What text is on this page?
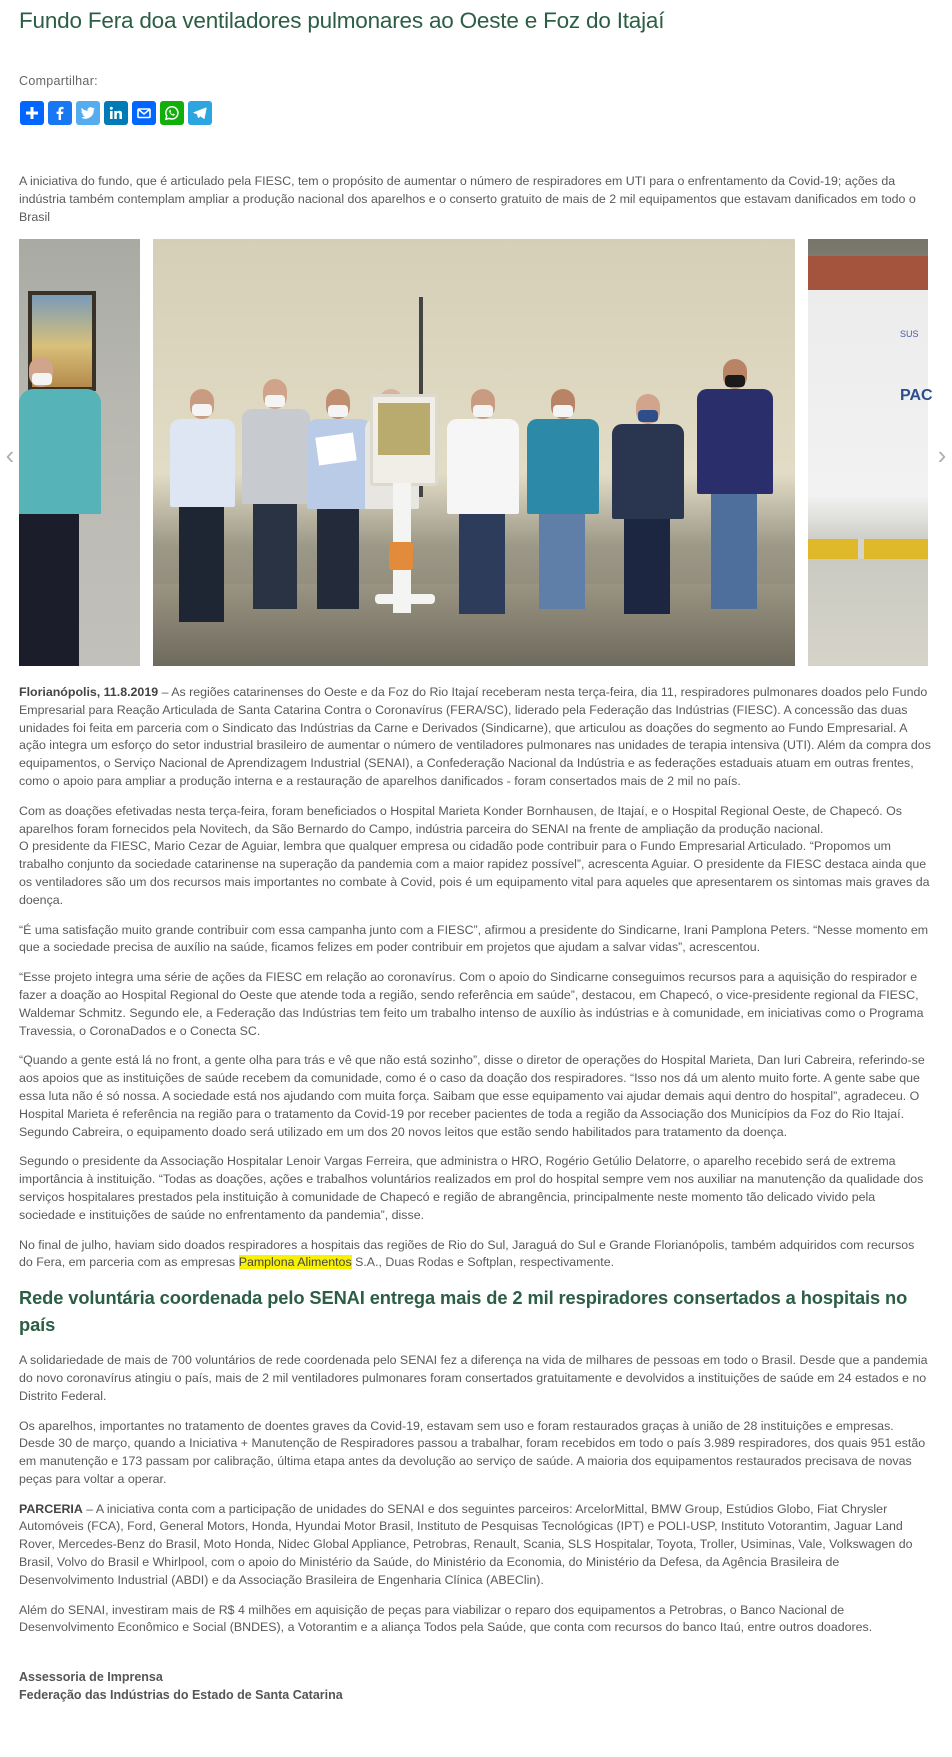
Fundo Fera doa ventiladores pulmonares ao Oeste e Foz do Itajaí
Compartilhar:

A iniciativa do fundo, que é articulado pela FIESC, tem o propósito de aumentar o número de respiradores em UTI para o enfrentamento da Covid-19; ações da indústria também contemplam ampliar a produção nacional dos aparelhos e o conserto gratuito de mais de 2 mil equipamentos que estavam danificados em todo o Brasil

SUS
PAC
‹	›

Florianópolis, 11.8.2019 – As regiões catarinenses do Oeste e da Foz do Rio Itajaí receberam nesta terça-feira, dia 11, respiradores pulmonares doados pelo Fundo Empresarial para Reação Articulada de Santa Catarina Contra o Coronavírus (FERA/SC), liderado pela Federação das Indústrias (FIESC). A concessão das duas unidades foi feita em parceria com o Sindicato das Indústrias da Carne e Derivados (Sindicarne), que articulou as doações do segmento ao Fundo Empresarial. A ação integra um esforço do setor industrial brasileiro de aumentar o número de ventiladores pulmonares nas unidades de terapia intensiva (UTI). Além da compra dos equipamentos, o Serviço Nacional de Aprendizagem Industrial (SENAI), a Confederação Nacional da Indústria e as federações estaduais atuam em outras frentes, como o apoio para ampliar a produção interna e a restauração de aparelhos danificados - foram consertados mais de 2 mil no país.

Com as doações efetivadas nesta terça-feira, foram beneficiados o Hospital Marieta Konder Bornhausen, de Itajaí, e o Hospital Regional Oeste, de Chapecó. Os aparelhos foram fornecidos pela Novitech, da São Bernardo do Campo, indústria parceira do SENAI na frente de ampliação da produção nacional.
O presidente da FIESC, Mario Cezar de Aguiar, lembra que qualquer empresa ou cidadão pode contribuir para o Fundo Empresarial Articulado. “Propomos um trabalho conjunto da sociedade catarinense na superação da pandemia com a maior rapidez possível”, acrescenta Aguiar. O presidente da FIESC destaca ainda que os ventiladores são um dos recursos mais importantes no combate à Covid, pois é um equipamento vital para aqueles que apresentarem os sintomas mais graves da doença.

“É uma satisfação muito grande contribuir com essa campanha junto com a FIESC”, afirmou a presidente do Sindicarne, Irani Pamplona Peters. “Nesse momento em que a sociedade precisa de auxílio na saúde, ficamos felizes em poder contribuir em projetos que ajudam a salvar vidas”, acrescentou.

“Esse projeto integra uma série de ações da FIESC em relação ao coronavírus. Com o apoio do Sindicarne conseguimos recursos para a aquisição do respirador e fazer a doação ao Hospital Regional do Oeste que atende toda a região, sendo referência em saúde”, destacou, em Chapecó, o vice-presidente regional da FIESC, Waldemar Schmitz. Segundo ele, a Federação das Indústrias tem feito um trabalho intenso de auxílio às indústrias e à comunidade, em iniciativas como o Programa Travessia, o CoronaDados e o Conecta SC.

“Quando a gente está lá no front, a gente olha para trás e vê que não está sozinho”, disse o diretor de operações do Hospital Marieta, Dan Iuri Cabreira, referindo-se aos apoios que as instituições de saúde recebem da comunidade, como é o caso da doação dos respiradores. “Isso nos dá um alento muito forte. A gente sabe que essa luta não é só nossa. A sociedade está nos ajudando com muita força. Saibam que esse equipamento vai ajudar demais aqui dentro do hospital”, agradeceu. O Hospital Marieta é referência na região para o tratamento da Covid-19 por receber pacientes de toda a região da Associação dos Municípios da Foz do Rio Itajaí. Segundo Cabreira, o equipamento doado será utilizado em um dos 20 novos leitos que estão sendo habilitados para tratamento da doença.

Segundo o presidente da Associação Hospitalar Lenoir Vargas Ferreira, que administra o HRO, Rogério Getúlio Delatorre, o aparelho recebido será de extrema importância à instituição. “Todas as doações, ações e trabalhos voluntários realizados em prol do hospital sempre vem nos auxiliar na manutenção da qualidade dos serviços hospitalares prestados pela instituição à comunidade de Chapecó e região de abrangência, principalmente neste momento tão delicado vivido pela sociedade e instituições de saúde no enfrentamento da pandemia”, disse.

No final de julho, haviam sido doados respiradores a hospitais das regiões de Rio do Sul, Jaraguá do Sul e Grande Florianópolis, também adquiridos com recursos do Fera, em parceria com as empresas Pamplona Alimentos S.A., Duas Rodas e Softplan, respectivamente.

Rede voluntária coordenada pelo SENAI entrega mais de 2 mil respiradores consertados a hospitais no país

A solidariedade de mais de 700 voluntários de rede coordenada pelo SENAI fez a diferença na vida de milhares de pessoas em todo o Brasil. Desde que a pandemia do novo coronavírus atingiu o país, mais de 2 mil ventiladores pulmonares foram consertados gratuitamente e devolvidos a instituições de saúde em 24 estados e no Distrito Federal.

Os aparelhos, importantes no tratamento de doentes graves da Covid-19, estavam sem uso e foram restaurados graças à união de 28 instituições e empresas. Desde 30 de março, quando a Iniciativa + Manutenção de Respiradores passou a trabalhar, foram recebidos em todo o país 3.989 respiradores, dos quais 951 estão em manutenção e 173 passam por calibração, última etapa antes da devolução ao serviço de saúde. A maioria dos equipamentos restaurados precisava de novas peças para voltar a operar.

PARCERIA – A iniciativa conta com a participação de unidades do SENAI e dos seguintes parceiros: ArcelorMittal, BMW Group, Estúdios Globo, Fiat Chrysler Automóveis (FCA), Ford, General Motors, Honda, Hyundai Motor Brasil, Instituto de Pesquisas Tecnológicas (IPT) e POLI-USP, Instituto Votorantim, Jaguar Land Rover, Mercedes-Benz do Brasil, Moto Honda, Nidec Global Appliance, Petrobras, Renault, Scania, SLS Hospitalar, Toyota, Troller, Usiminas, Vale, Volkswagen do Brasil, Volvo do Brasil e Whirlpool, com o apoio do Ministério da Saúde, do Ministério da Economia, do Ministério da Defesa, da Agência Brasileira de Desenvolvimento Industrial (ABDI) e da Associação Brasileira de Engenharia Clínica (ABEClin).

Além do SENAI, investiram mais de R$ 4 milhões em aquisição de peças para viabilizar o reparo dos equipamentos a Petrobras, o Banco Nacional de Desenvolvimento Econômico e Social (BNDES), a Votorantim e a aliança Todos pela Saúde, que conta com recursos do banco Itaú, entre outros doadores.

Assessoria de Imprensa
Federação das Indústrias do Estado de Santa Catarina
